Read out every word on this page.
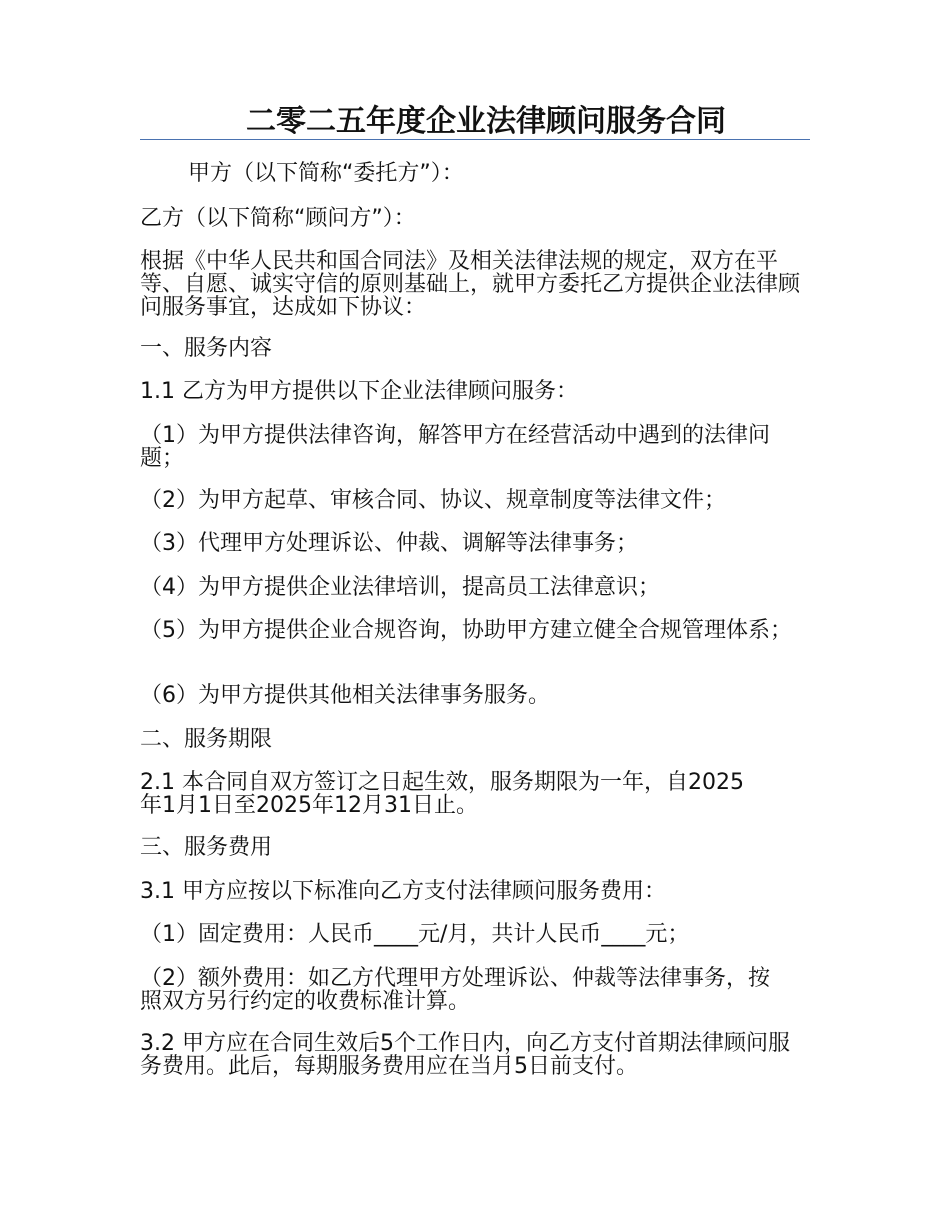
二零二五年度企业法律顾问服务合同

甲方（以下简称“委托方”）：

乙方（以下简称“顾问方”）：

根据《中华人民共和国合同法》及相关法律法规的规定，双方在平等、自愿、诚实守信的原则基础上，就甲方委托乙方提供企业法律顾问服务事宜，达成如下协议：

一、服务内容

1.1 乙方为甲方提供以下企业法律顾问服务：

（1）为甲方提供法律咨询，解答甲方在经营活动中遇到的法律问题；

（2）为甲方起草、审核合同、协议、规章制度等法律文件；

（3）代理甲方处理诉讼、仲裁、调解等法律事务；

（4）为甲方提供企业法律培训，提高员工法律意识；

（5）为甲方提供企业合规咨询，协助甲方建立健全合规管理体系；

（6）为甲方提供其他相关法律事务服务。

二、服务期限

2.1 本合同自双方签订之日起生效，服务期限为一年，自2025年1月1日至2025年12月31日止。

三、服务费用

3.1 甲方应按以下标准向乙方支付法律顾问服务费用：

（1）固定费用：人民币____元/月，共计人民币____元；

（2）额外费用：如乙方代理甲方处理诉讼、仲裁等法律事务，按照双方另行约定的收费标准计算。

3.2 甲方应在合同生效后5个工作日内，向乙方支付首期法律顾问服务费用。此后，每期服务费用应在当月5日前支付。
